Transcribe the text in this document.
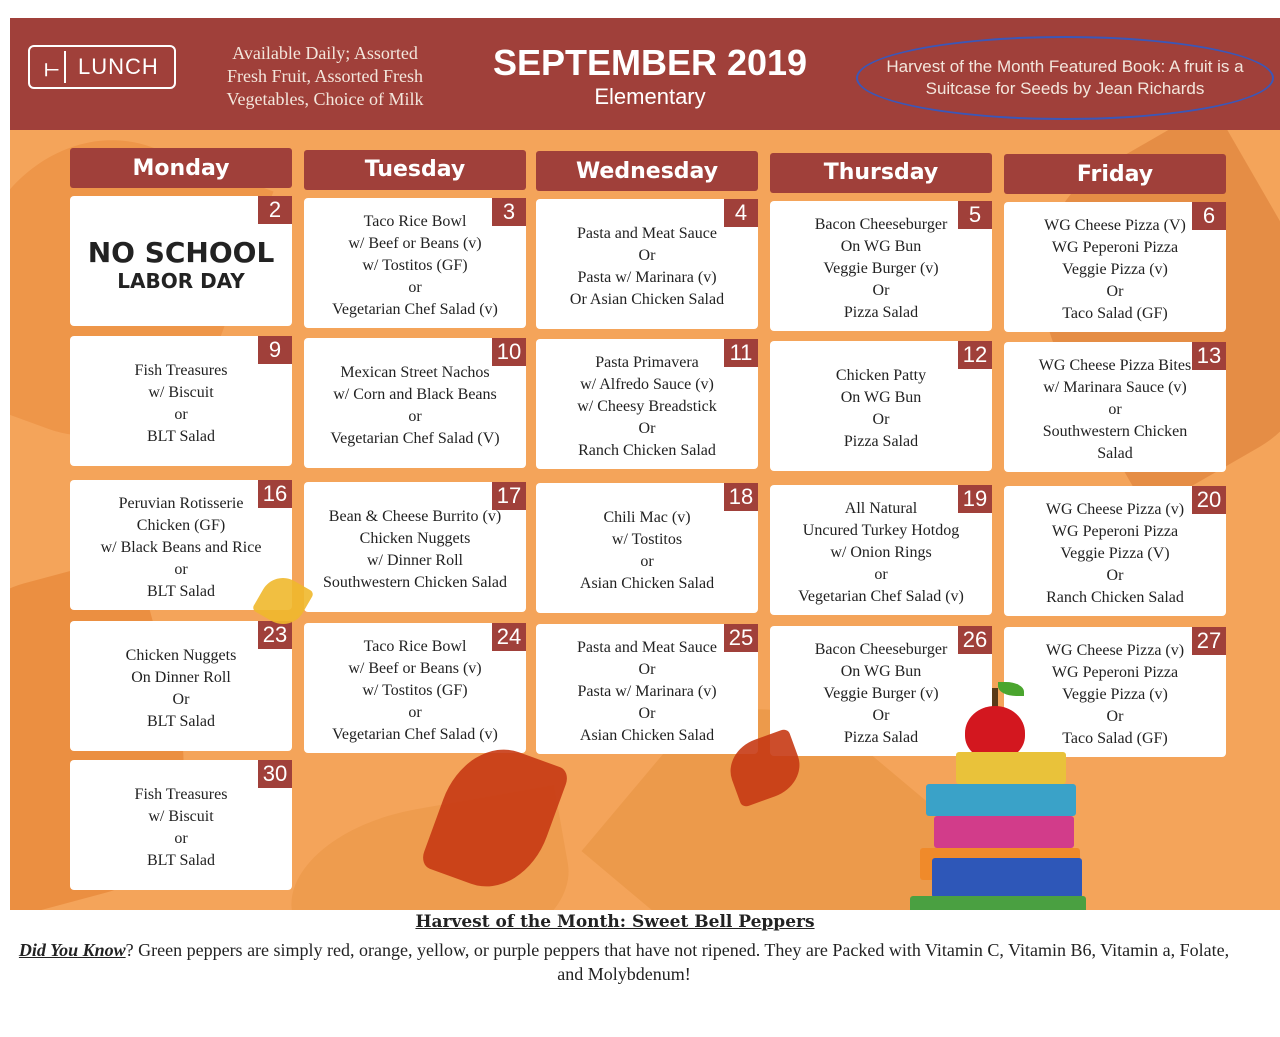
𝈩 LUNCH
Available Daily; Assorted Fresh Fruit, Assorted Fresh Vegetables, Choice of Milk
SEPTEMBER 2019
Elementary
Harvest of the Month Featured Book: A fruit is a Suitcase for Seeds by Jean Richards
Monday	Tuesday	Wednesday	Thursday	Friday
2
NO SCHOOL
LABOR DAY
3
Taco Rice Bowl
w/ Beef or Beans (v)
w/ Tostitos (GF)
or
Vegetarian Chef Salad (v)
4
Pasta and Meat Sauce
Or
Pasta w/ Marinara (v)
Or Asian Chicken Salad
5
Bacon Cheeseburger
On WG Bun
Veggie Burger (v)
Or
Pizza Salad
6
WG Cheese Pizza (V)
WG Peperoni Pizza
Veggie Pizza (v)
Or
Taco Salad (GF)
9
Fish Treasures
w/ Biscuit
or
BLT Salad
10
Mexican Street Nachos
w/ Corn and Black Beans
or
Vegetarian Chef Salad (V)
11
Pasta Primavera
w/ Alfredo Sauce (v)
w/ Cheesy Breadstick
Or
Ranch Chicken Salad
12
Chicken Patty
On WG Bun
Or
Pizza Salad
13
WG Cheese Pizza Bites
w/ Marinara Sauce (v)
or
Southwestern Chicken
Salad
16
Peruvian Rotisserie
Chicken (GF)
w/ Black Beans and Rice
or
BLT Salad
17
Bean & Cheese Burrito (v)
Chicken Nuggets
w/ Dinner Roll
Southwestern Chicken Salad
18
Chili Mac (v)
w/ Tostitos
or
Asian Chicken Salad
19
All Natural
Uncured Turkey Hotdog
w/ Onion Rings
or
Vegetarian Chef Salad (v)
20
WG Cheese Pizza (v)
WG Peperoni Pizza
Veggie Pizza (V)
Or
Ranch Chicken Salad
23
Chicken Nuggets
On Dinner Roll
Or
BLT Salad
24
Taco Rice Bowl
w/ Beef or Beans (v)
w/ Tostitos (GF)
or
Vegetarian Chef Salad (v)
25
Pasta and Meat Sauce
Or
Pasta w/ Marinara (v)
Or
Asian Chicken Salad
26
Bacon Cheeseburger
On WG Bun
Veggie Burger (v)
Or
Pizza Salad
27
WG Cheese Pizza (v)
WG Peperoni Pizza
Veggie Pizza (v)
Or
Taco Salad (GF)
30
Fish Treasures
w/ Biscuit
or
BLT Salad
Harvest of the Month: Sweet Bell Peppers
Did You Know? Green peppers are simply red, orange, yellow, or purple peppers that have not ripened. They are Packed with Vitamin C, Vitamin B6, Vitamin a, Folate, and Molybdenum!
